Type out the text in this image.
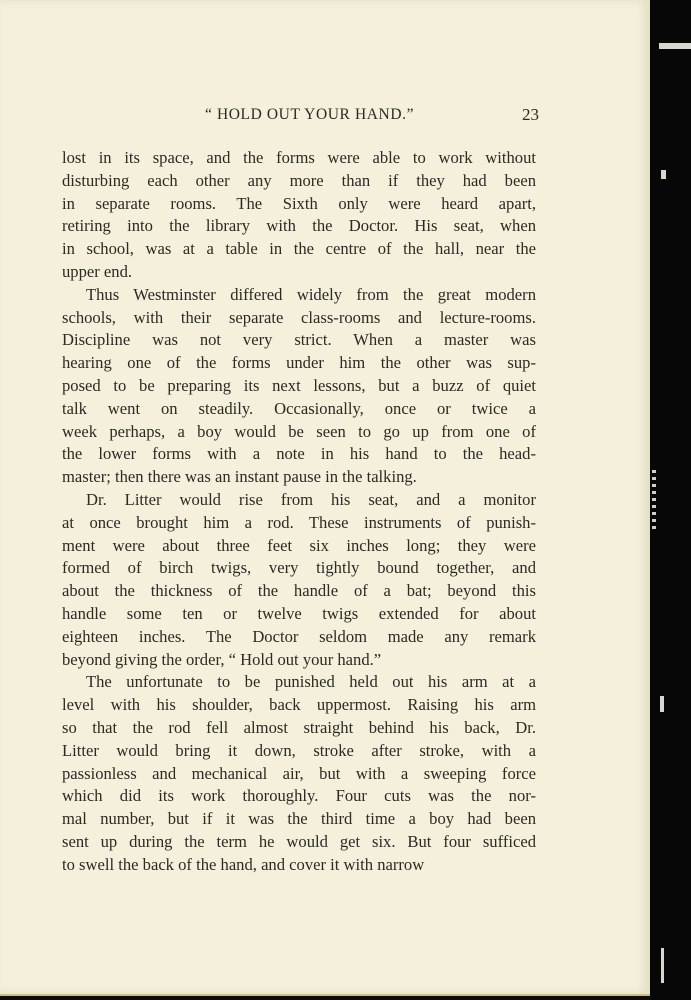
“ HOLD OUT YOUR HAND.”	23
lost in its space, and the forms were able to work without
disturbing each other any more than if they had been
in separate rooms. The Sixth only were heard apart,
retiring into the library with the Doctor. His seat, when
in school, was at a table in the centre of the hall, near the
upper end.
Thus Westminster differed widely from the great modern
schools, with their separate class-rooms and lecture-rooms.
Discipline was not very strict. When a master was
hearing one of the forms under him the other was sup-
posed to be preparing its next lessons, but a buzz of quiet
talk went on steadily. Occasionally, once or twice a
week perhaps, a boy would be seen to go up from one of
the lower forms with a note in his hand to the head-
master; then there was an instant pause in the talking.
Dr. Litter would rise from his seat, and a monitor
at once brought him a rod. These instruments of punish-
ment were about three feet six inches long; they were
formed of birch twigs, very tightly bound together, and
about the thickness of the handle of a bat; beyond this
handle some ten or twelve twigs extended for about
eighteen inches. The Doctor seldom made any remark
beyond giving the order, “ Hold out your hand.”
The unfortunate to be punished held out his arm at a
level with his shoulder, back uppermost. Raising his arm
so that the rod fell almost straight behind his back, Dr.
Litter would bring it down, stroke after stroke, with a
passionless and mechanical air, but with a sweeping force
which did its work thoroughly. Four cuts was the nor-
mal number, but if it was the third time a boy had been
sent up during the term he would get six. But four sufficed
to swell the back of the hand, and cover it with narrow
